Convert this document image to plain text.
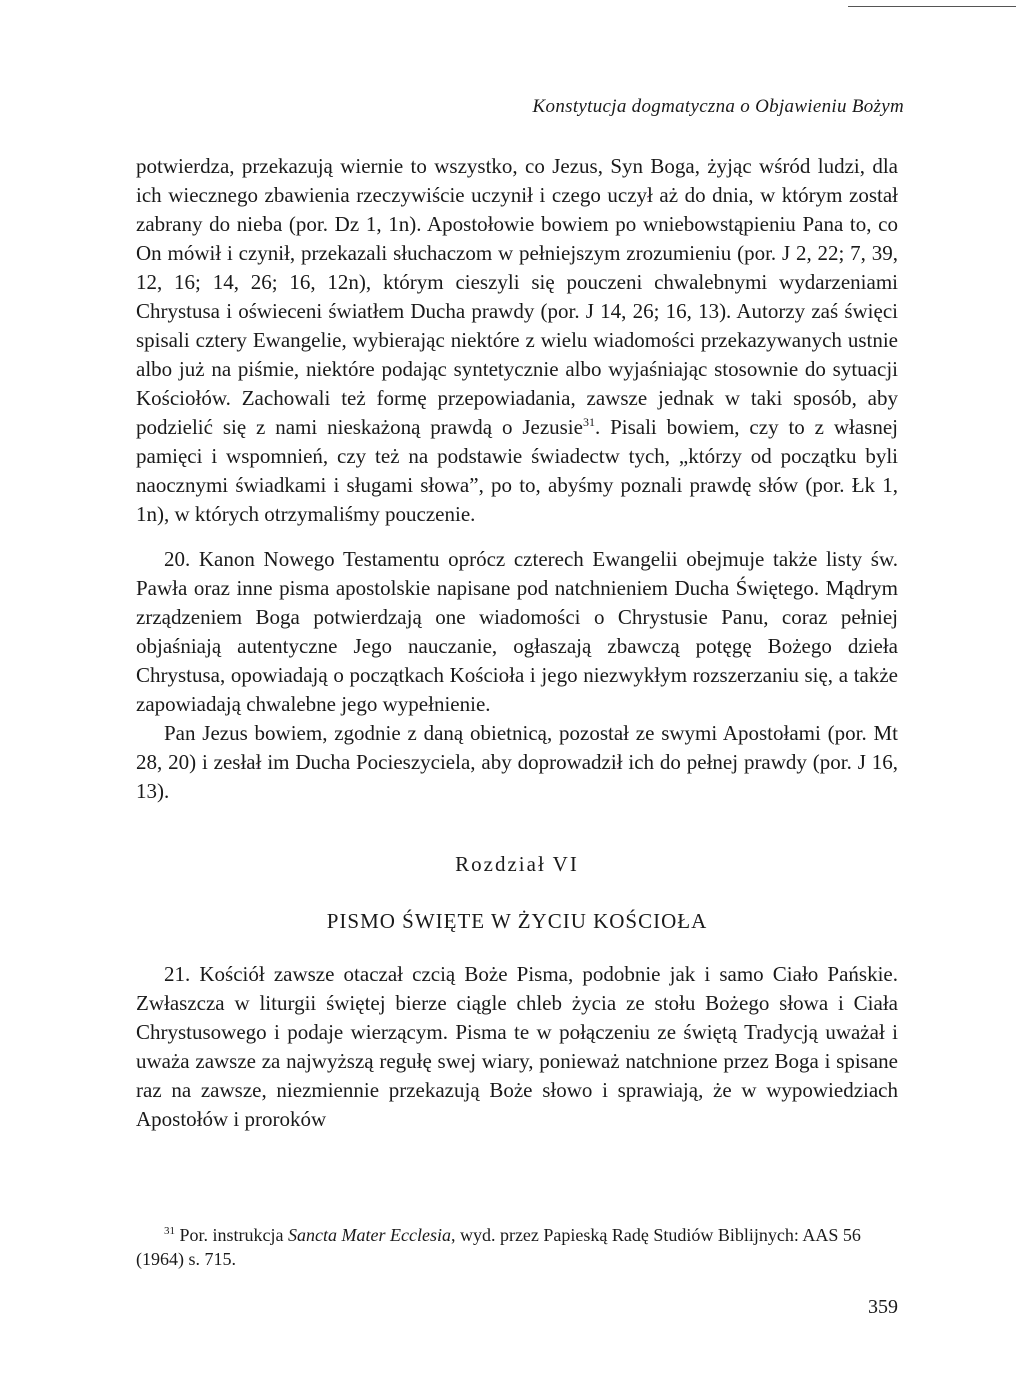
Konstytucja dogmatyczna o Objawieniu Bożym

potwierdza, przekazują wiernie to wszystko, co Jezus, Syn Boga, żyjąc wśród ludzi, dla ich wiecznego zbawienia rzeczywiście uczynił i czego uczył aż do dnia, w którym został zabrany do nieba (por. Dz 1, 1n). Apostołowie bowiem po wniebowstąpieniu Pana to, co On mówił i czynił, przekazali słuchaczom w pełniejszym zrozumieniu (por. J 2, 22; 7, 39, 12, 16; 14, 26; 16, 12n), którym cieszyli się pouczeni chwalebnymi wydarzeniami Chrystusa i oświeceni światłem Ducha prawdy (por. J 14, 26; 16, 13). Autorzy zaś święci spisali cztery Ewangelie, wybierając niektóre z wielu wiadomości przekazywanych ustnie albo już na piśmie, niektóre podając syntetycznie albo wyjaśniając stosownie do sytuacji Kościołów. Zachowali też formę przepowiadania, zawsze jednak w taki sposób, aby podzielić się z nami nieskażoną prawdą o Jezusie$^{31}$. Pisali bowiem, czy to z własnej pamięci i wspomnień, czy też na podstawie świadectw tych, „którzy od początku byli naocznymi świadkami i sługami słowa”, po to, abyśmy poznali prawdę słów (por. Łk 1, 1n), w których otrzymaliśmy pouczenie.

20. Kanon Nowego Testamentu oprócz czterech Ewangelii obejmuje także listy św. Pawła oraz inne pisma apostolskie napisane pod natchnieniem Ducha Świętego. Mądrym zrządzeniem Boga potwierdzają one wiadomości o Chrystusie Panu, coraz pełniej objaśniają autentyczne Jego nauczanie, ogłaszają zbawczą potęgę Bożego dzieła Chrystusa, opowiadają o początkach Kościoła i jego niezwykłym rozszerzaniu się, a także zapowiadają chwalebne jego wypełnienie.

Pan Jezus bowiem, zgodnie z daną obietnicą, pozostał ze swymi Apostołami (por. Mt 28, 20) i zesłał im Ducha Pocieszyciela, aby doprowadził ich do pełnej prawdy (por. J 16, 13).

Rozdział VI
PISMO ŚWIĘTE W ŻYCIU KOŚCIOŁA

21. Kościół zawsze otaczał czcią Boże Pisma, podobnie jak i samo Ciało Pańskie. Zwłaszcza w liturgii świętej bierze ciągle chleb życia ze stołu Bożego słowa i Ciała Chrystusowego i podaje wierzącym. Pisma te w połączeniu ze świętą Tradycją uważał i uważa zawsze za najwyższą regułę swej wiary, ponieważ natchnione przez Boga i spisane raz na zawsze, niezmiennie przekazują Boże słowo i sprawiają, że w wypowiedziach Apostołów i proroków

$^{31}$ Por. instrukcja Sancta Mater Ecclesia, wyd. przez Papieską Radę Studiów Biblijnych: AAS 56 (1964) s. 715.

359
